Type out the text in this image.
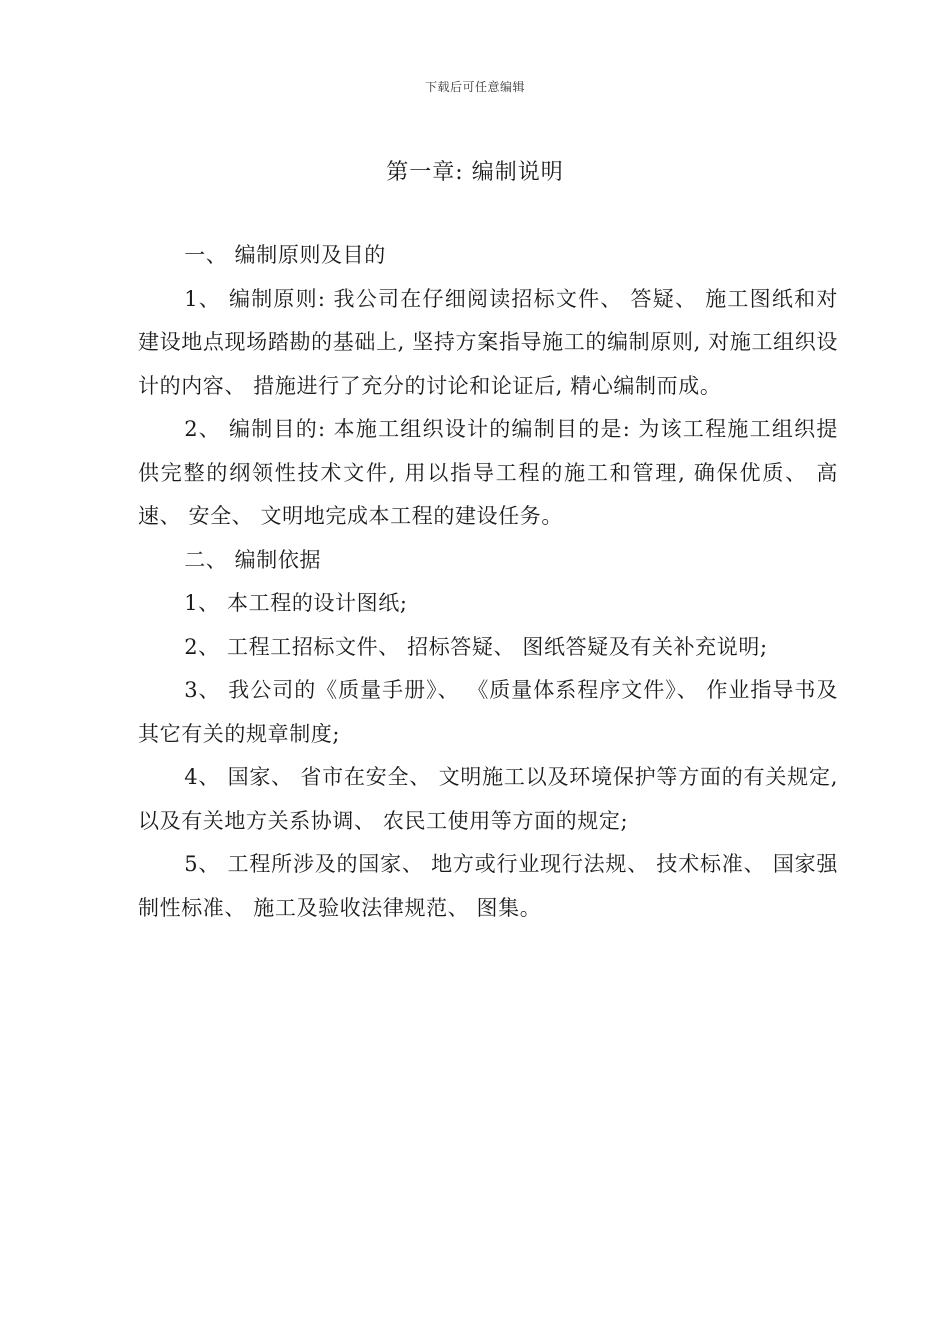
下载后可任意编辑
第一章: 编制说明

一、 编制原则及目的

1、 编制原则: 我公司在仔细阅读招标文件、 答疑、 施工图纸和对建设地点现场踏勘的基础上, 坚持方案指导施工的编制原则, 对施工组织设计的内容、 措施进行了充分的讨论和论证后, 精心编制而成。

2、 编制目的: 本施工组织设计的编制目的是: 为该工程施工组织提供完整的纲领性技术文件, 用以指导工程的施工和管理, 确保优质、 高速、 安全、 文明地完成本工程的建设任务。

二、 编制依据

1、 本工程的设计图纸;

2、 工程工招标文件、 招标答疑、 图纸答疑及有关补充说明;

3、 我公司的《质量手册》、 《质量体系程序文件》、 作业指导书及其它有关的规章制度;

4、 国家、 省市在安全、 文明施工以及环境保护等方面的有关规定, 以及有关地方关系协调、 农民工使用等方面的规定;

5、 工程所涉及的国家、 地方或行业现行法规、 技术标准、 国家强制性标准、 施工及验收法律规范、 图集。
